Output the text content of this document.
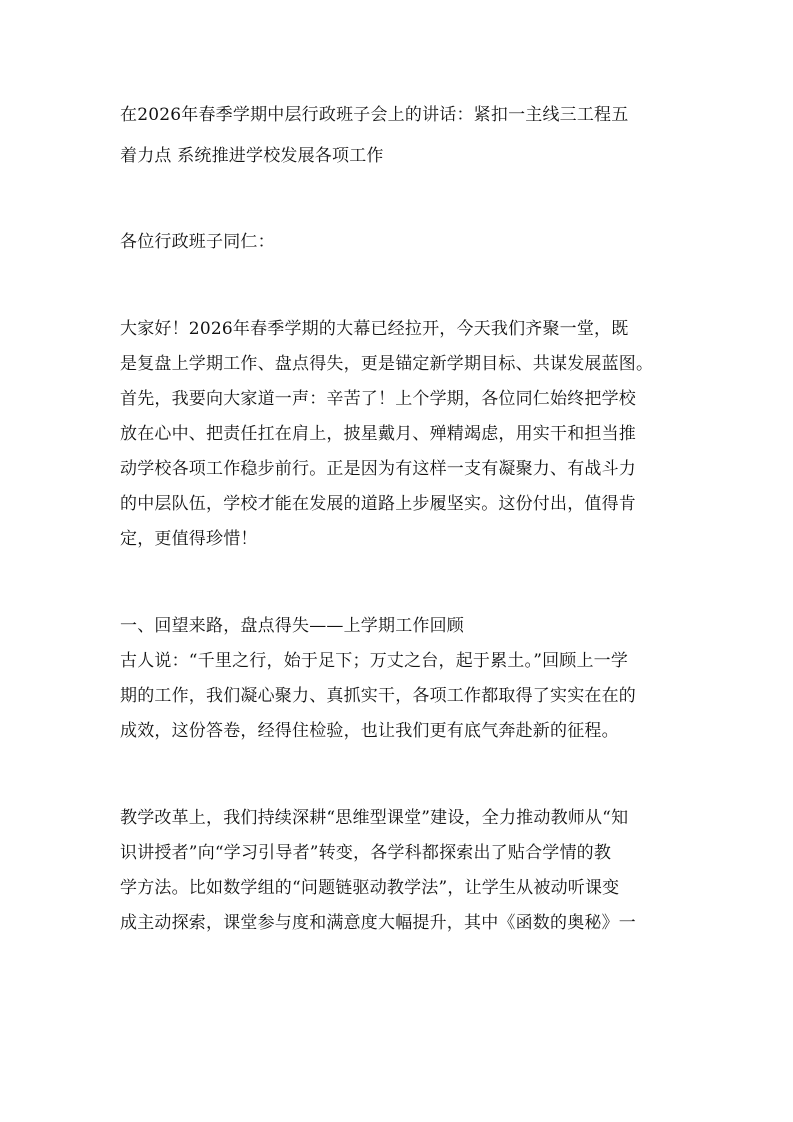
在2026年春季学期中层行政班子会上的讲话：紧扣一主线三工程五
着力点 系统推进学校发展各项工作
各位行政班子同仁：
大家好！2026年春季学期的大幕已经拉开，今天我们齐聚一堂，既
是复盘上学期工作、盘点得失，更是锚定新学期目标、共谋发展蓝图。
首先，我要向大家道一声：辛苦了！上个学期，各位同仁始终把学校
放在心中、把责任扛在肩上，披星戴月、殚精竭虑，用实干和担当推
动学校各项工作稳步前行。正是因为有这样一支有凝聚力、有战斗力
的中层队伍，学校才能在发展的道路上步履坚实。这份付出，值得肯
定，更值得珍惜！
一、回望来路，盘点得失——上学期工作回顾
古人说：“千里之行，始于足下；万丈之台，起于累土。”回顾上一学
期的工作，我们凝心聚力、真抓实干，各项工作都取得了实实在在的
成效，这份答卷，经得住检验，也让我们更有底气奔赴新的征程。
教学改革上，我们持续深耕“思维型课堂”建设，全力推动教师从“知
识讲授者”向“学习引导者”转变，各学科都探索出了贴合学情的教
学方法。比如数学组的“问题链驱动教学法”，让学生从被动听课变
成主动探索，课堂参与度和满意度大幅提升，其中《函数的奥秘》一
